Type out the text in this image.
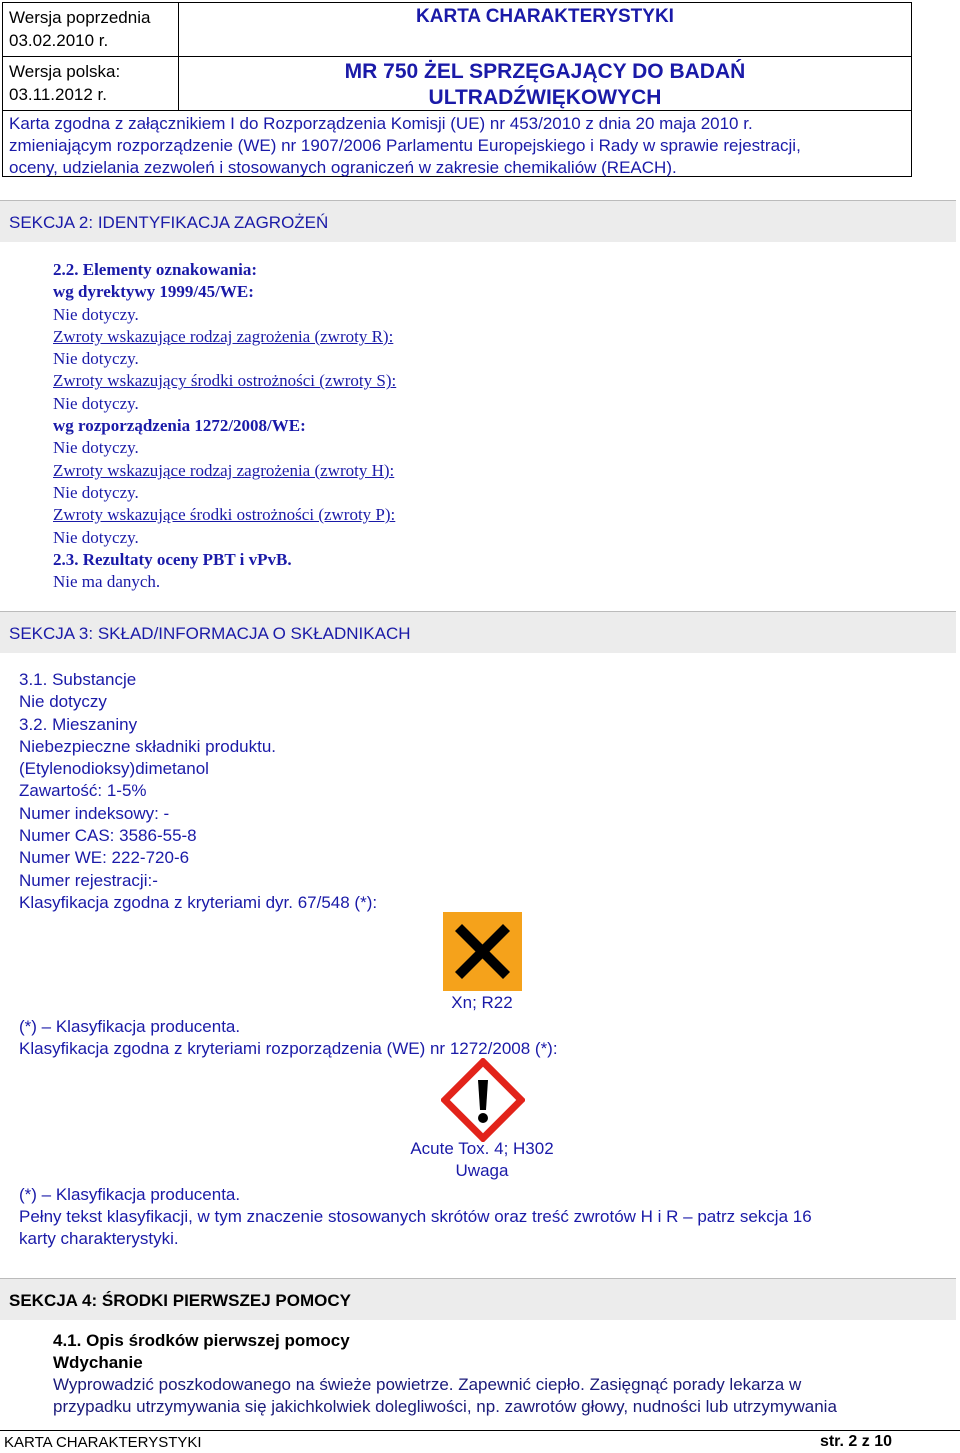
Wersja poprzednia
03.02.2010 r.
KARTA CHARAKTERYSTYKI
Wersja polska:
03.11.2012 r.
MR 750 ŻEL SPRZĘGAJĄCY DO BADAŃ
ULTRADŹWIĘKOWYCH
Karta zgodna z załącznikiem I do Rozporządzenia Komisji (UE) nr 453/2010 z dnia 20 maja 2010 r.
zmieniającym rozporządzenie (WE) nr 1907/2006 Parlamentu Europejskiego i Rady w sprawie rejestracji,
oceny, udzielania zezwoleń i stosowanych ograniczeń w zakresie chemikaliów (REACH).
SEKCJA 2: IDENTYFIKACJA ZAGROŻEŃ
2.2. Elementy oznakowania:
wg dyrektywy 1999/45/WE:
Nie dotyczy.
Zwroty wskazujące rodzaj zagrożenia (zwroty R):
Nie dotyczy.
Zwroty wskazujący środki ostrożności (zwroty S):
Nie dotyczy.
wg rozporządzenia 1272/2008/WE:
Nie dotyczy.
Zwroty wskazujące rodzaj zagrożenia (zwroty H):
Nie dotyczy.
Zwroty wskazujące środki ostrożności (zwroty P):
Nie dotyczy.
2.3. Rezultaty oceny PBT i vPvB.
Nie ma danych.
SEKCJA 3: SKŁAD/INFORMACJA O SKŁADNIKACH
3.1. Substancje
Nie dotyczy
3.2. Mieszaniny
Niebezpieczne składniki produktu.
(Etylenodioksy)dimetanol
Zawartość: 1-5%
Numer indeksowy: -
Numer CAS: 3586-55-8
Numer WE: 222-720-6
Numer rejestracji:-
Klasyfikacja zgodna z kryteriami dyr. 67/548 (*):
Xn; R22
(*) – Klasyfikacja producenta.
Klasyfikacja zgodna z kryteriami rozporządzenia (WE) nr 1272/2008 (*):
Acute Tox. 4; H302
Uwaga
(*) – Klasyfikacja producenta.
Pełny tekst klasyfikacji, w tym znaczenie stosowanych skrótów oraz treść zwrotów H i R – patrz sekcja 16
karty charakterystyki.
SEKCJA 4: ŚRODKI PIERWSZEJ POMOCY
4.1. Opis środków pierwszej pomocy
Wdychanie
Wyprowadzić poszkodowanego na świeże powietrze. Zapewnić ciepło. Zasięgnąć porady lekarza w
przypadku utrzymywania się jakichkolwiek dolegliwości, np. zawrotów głowy, nudności lub utrzymywania
KARTA CHARAKTERYSTYKI	str. 2 z 10
